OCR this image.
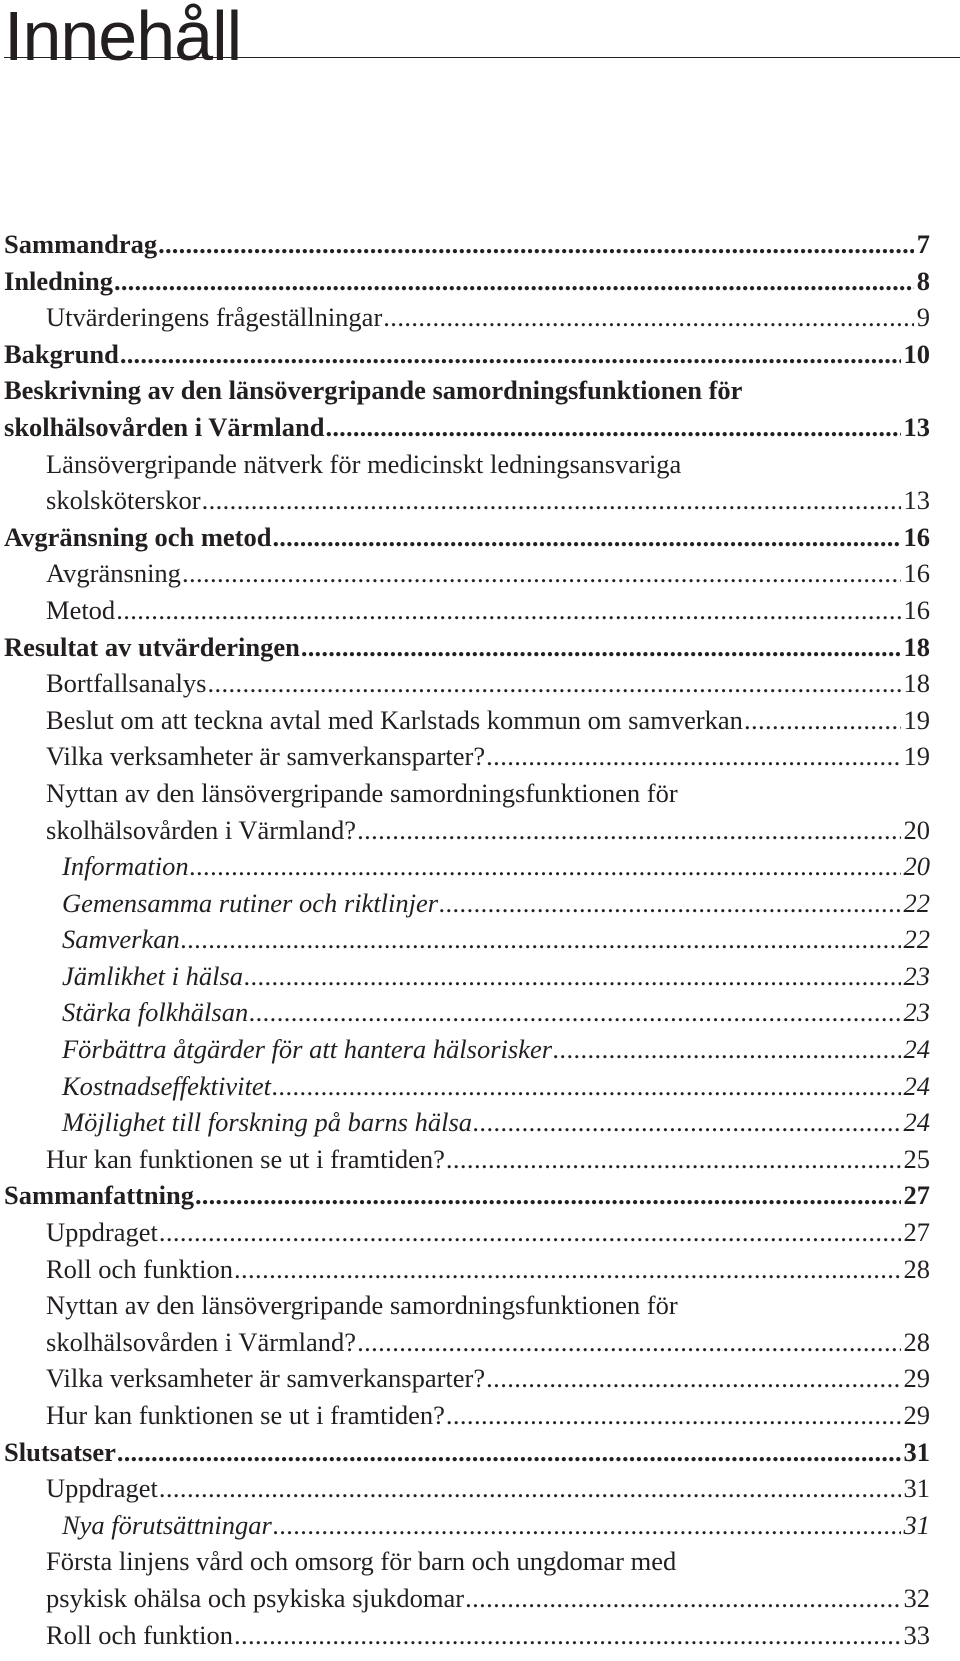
Innehåll
Sammandrag .....	7
Inledning .....	8
Utvärderingens frågeställningar .....	9
Bakgrund .....	10
Beskrivning av den länsövergripande samordningsfunktionen för
skolhälsovården i Värmland .....	13
Länsövergripande nätverk för medicinskt ledningsansvariga
skolsköterskor .....	13
Avgränsning och metod .....	16
Avgränsning .....	16
Metod .....	16
Resultat av utvärderingen .....	18
Bortfallsanalys .....	18
Beslut om att teckna avtal med Karlstads kommun om samverkan .....	19
Vilka verksamheter är samverkansparter? .....	19
Nyttan av den länsövergripande samordningsfunktionen för
skolhälsovården i Värmland? .....	20
Information .....	20
Gemensamma rutiner och riktlinjer .....	22
Samverkan .....	22
Jämlikhet i hälsa .....	23
Stärka folkhälsan .....	23
Förbättra åtgärder för att hantera hälsorisker .....	24
Kostnadseffektivitet .....	24
Möjlighet till forskning på barns hälsa .....	24
Hur kan funktionen se ut i framtiden? .....	25
Sammanfattning .....	27
Uppdraget .....	27
Roll och funktion .....	28
Nyttan av den länsövergripande samordningsfunktionen för
skolhälsovården i Värmland? .....	28
Vilka verksamheter är samverkansparter? .....	29
Hur kan funktionen se ut i framtiden? .....	29
Slutsatser .....	31
Uppdraget .....	31
Nya förutsättningar .....	31
Första linjens vård och omsorg för barn och ungdomar med
psykisk ohälsa och psykiska sjukdomar .....	32
Roll och funktion .....	33
